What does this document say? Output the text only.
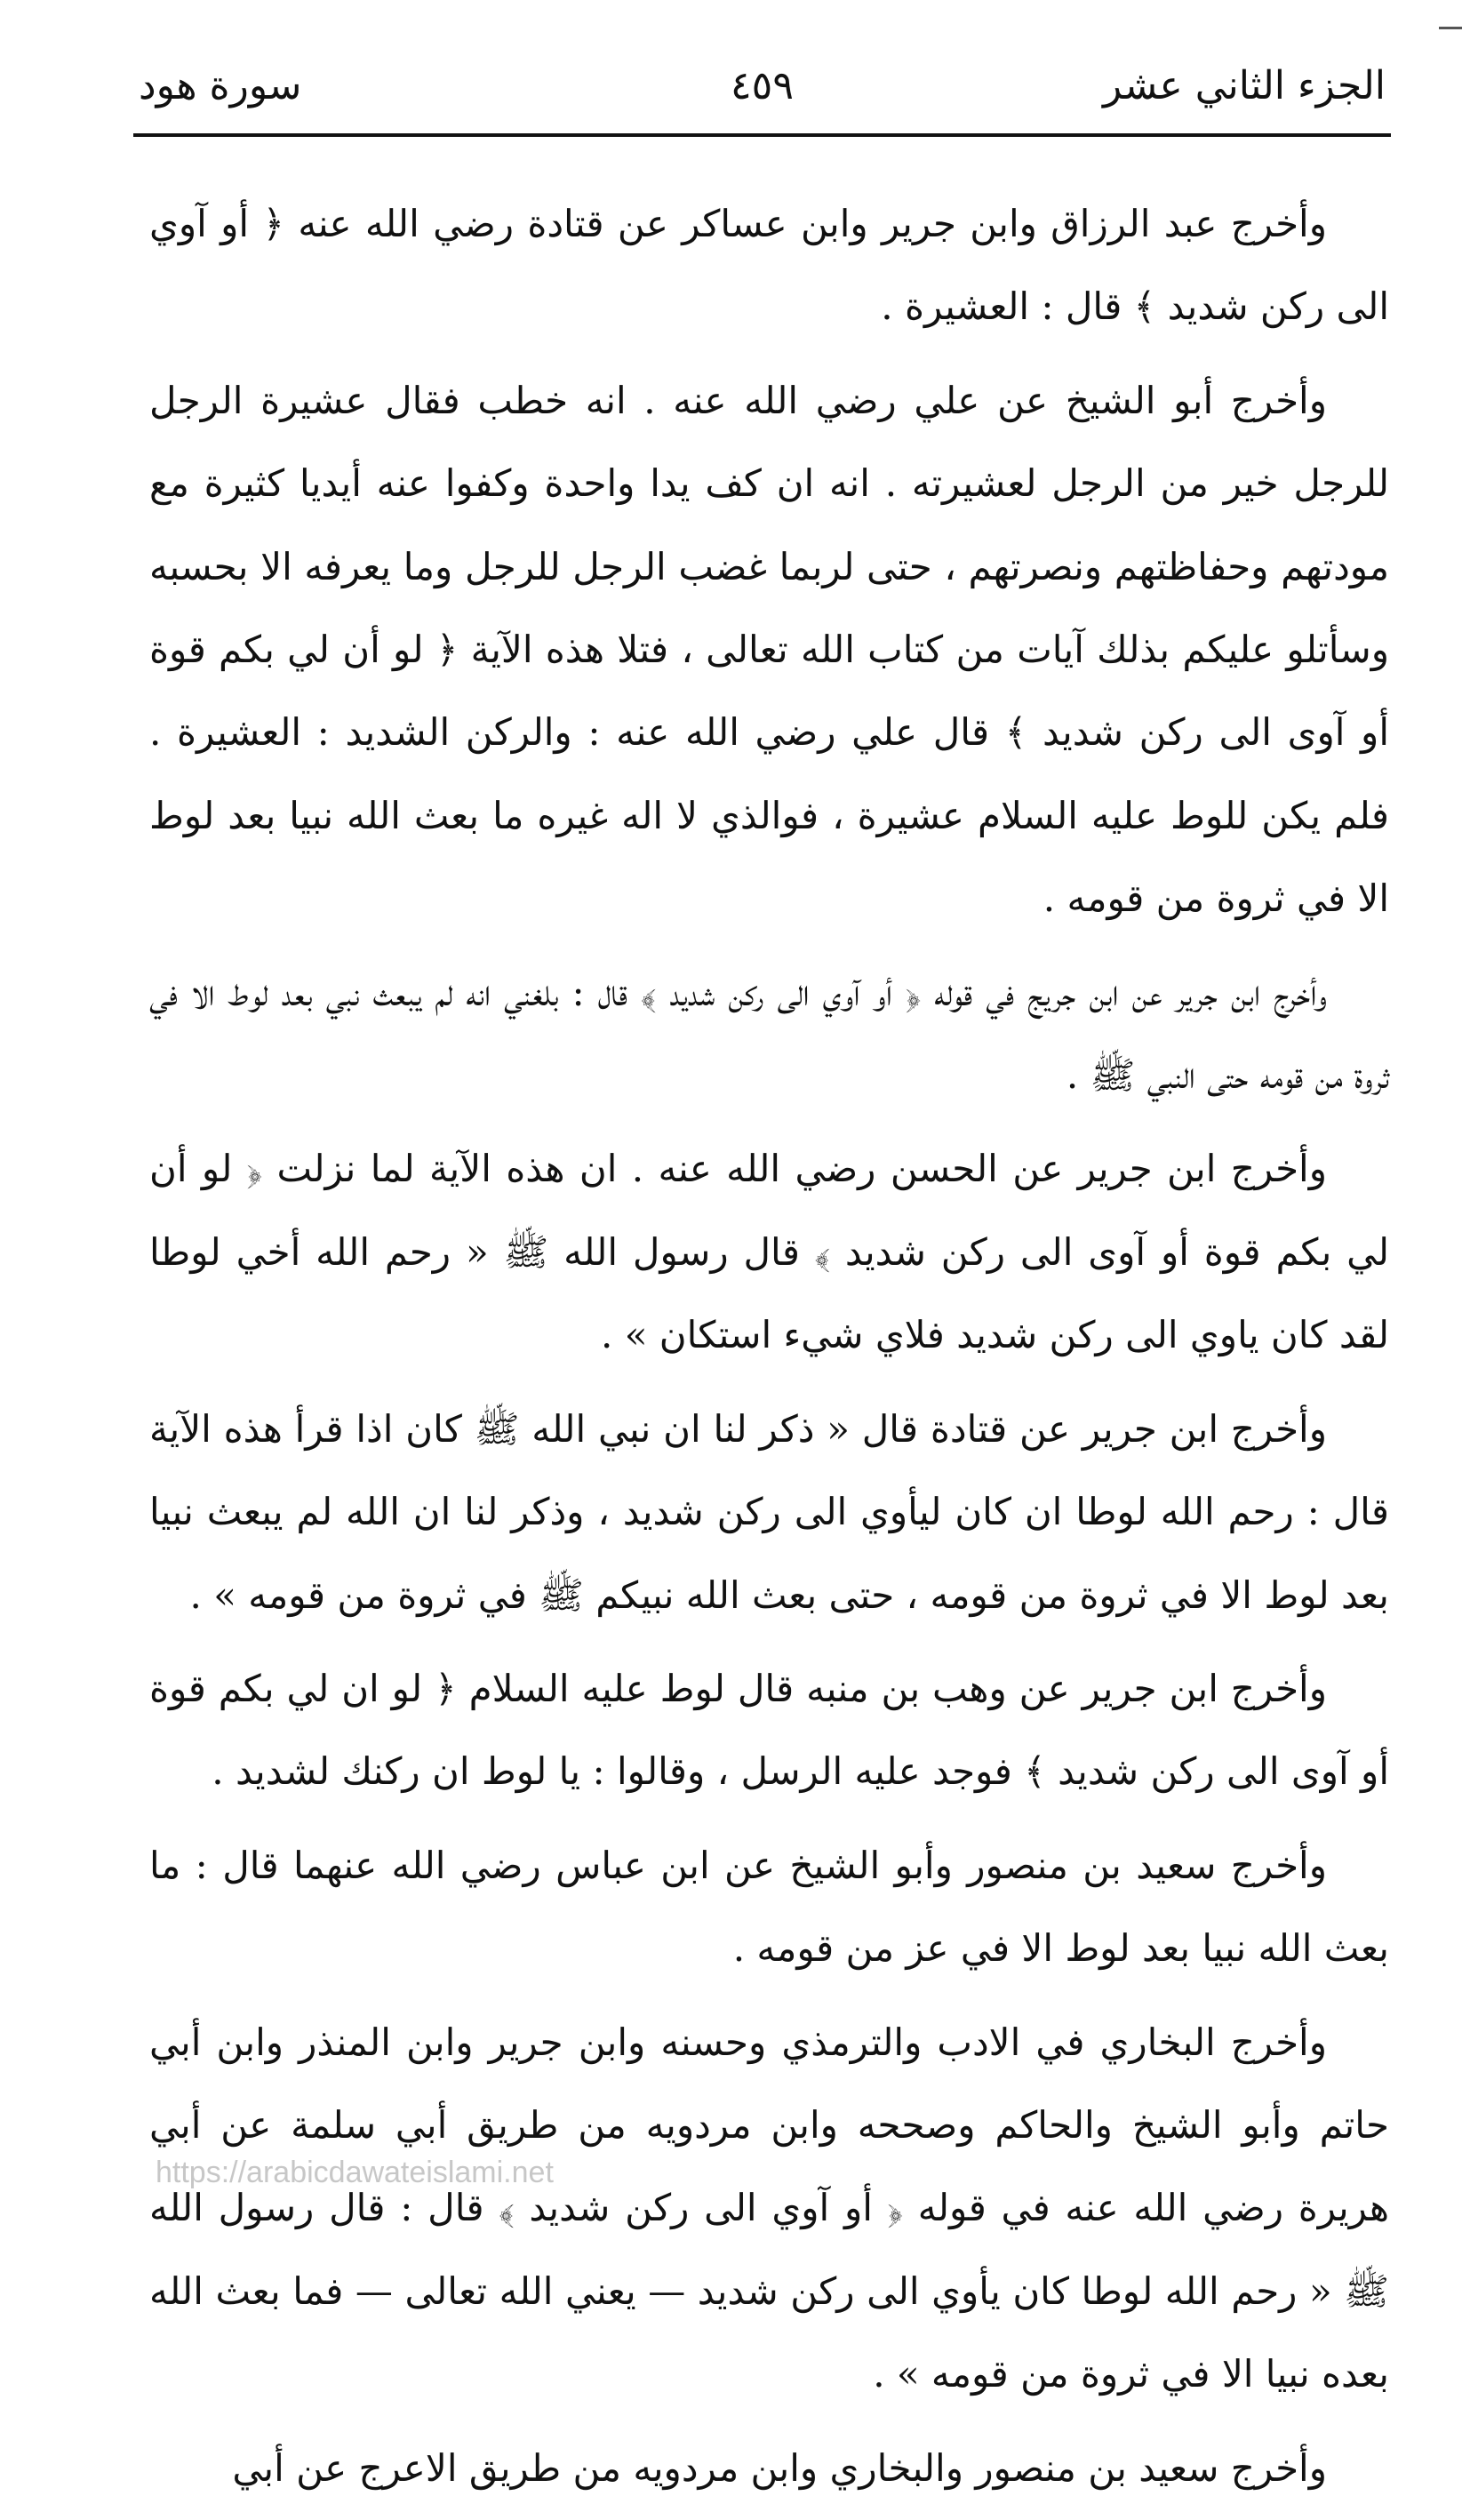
الجزء الثاني عشر
٤٥٩
سورة هود

وأخرج عبد الرزاق وابن جرير وابن عساكر عن قتادة رضي الله عنه ﴿ أو آوي الى ركن شديد ﴾ قال : العشيرة .

وأخرج أبو الشيخ عن علي رضي الله عنه . انه خطب فقال عشيرة الرجل للرجل خير من الرجل لعشيرته . انه ان كف يدا واحدة وكفوا عنه أيديا كثيرة مع مودتهم وحفاظتهم ونصرتهم ، حتى لربما غضب الرجل للرجل وما يعرفه الا بحسبه وسأتلو عليكم بذلك آيات من كتاب الله تعالى ، فتلا هذه الآية ﴿ لو أن لي بكم قوة أو آوى الى ركن شديد ﴾ قال علي رضي الله عنه : والركن الشديد : العشيرة . فلم يكن للوط عليه السلام عشيرة ، فوالذي لا اله غيره ما بعث الله نبيا بعد لوط الا في ثروة من قومه .

وأخرج ابن جرير عن ابن جريج في قوله ﴿ أو آوي الى ركن شديد ﴾ قال : بلغني انه لم يبعث نبي بعد لوط الا في ثروة من قومه حتى النبي ﷺ .

وأخرج ابن جرير عن الحسن رضي الله عنه . ان هذه الآية لما نزلت ﴿ لو أن لي بكم قوة أو آوى الى ركن شديد ﴾ قال رسول الله ﷺ « رحم الله أخي لوطا لقد كان ياوي الى ركن شديد فلاي شيء استكان » .

وأخرج ابن جرير عن قتادة قال « ذكر لنا ان نبي الله ﷺ كان اذا قرأ هذه الآية قال : رحم الله لوطا ان كان ليأوي الى ركن شديد ، وذكر لنا ان الله لم يبعث نبيا بعد لوط الا في ثروة من قومه ، حتى بعث الله نبيكم ﷺ في ثروة من قومه » .

وأخرج ابن جرير عن وهب بن منبه قال لوط عليه السلام ﴿ لو ان لي بكم قوة أو آوى الى ركن شديد ﴾ فوجد عليه الرسل ، وقالوا : يا لوط ان ركنك لشديد .

وأخرج سعيد بن منصور وأبو الشيخ عن ابن عباس رضي الله عنهما قال : ما بعث الله نبيا بعد لوط الا في عز من قومه .

وأخرج البخاري في الادب والترمذي وحسنه وابن جرير وابن المنذر وابن أبي حاتم وأبو الشيخ والحاكم وصححه وابن مردويه من طريق أبي سلمة عن أبي هريرة رضي الله عنه في قوله ﴿ أو آوي الى ركن شديد ﴾ قال : قال رسول الله ﷺ « رحم الله لوطا كان يأوي الى ركن شديد — يعني الله تعالى — فما بعث الله بعده نبيا الا في ثروة من قومه » .

وأخرج سعيد بن منصور والبخاري وابن مردويه من طريق الاعرج عن أبي

https://arabicdawateislami.net
